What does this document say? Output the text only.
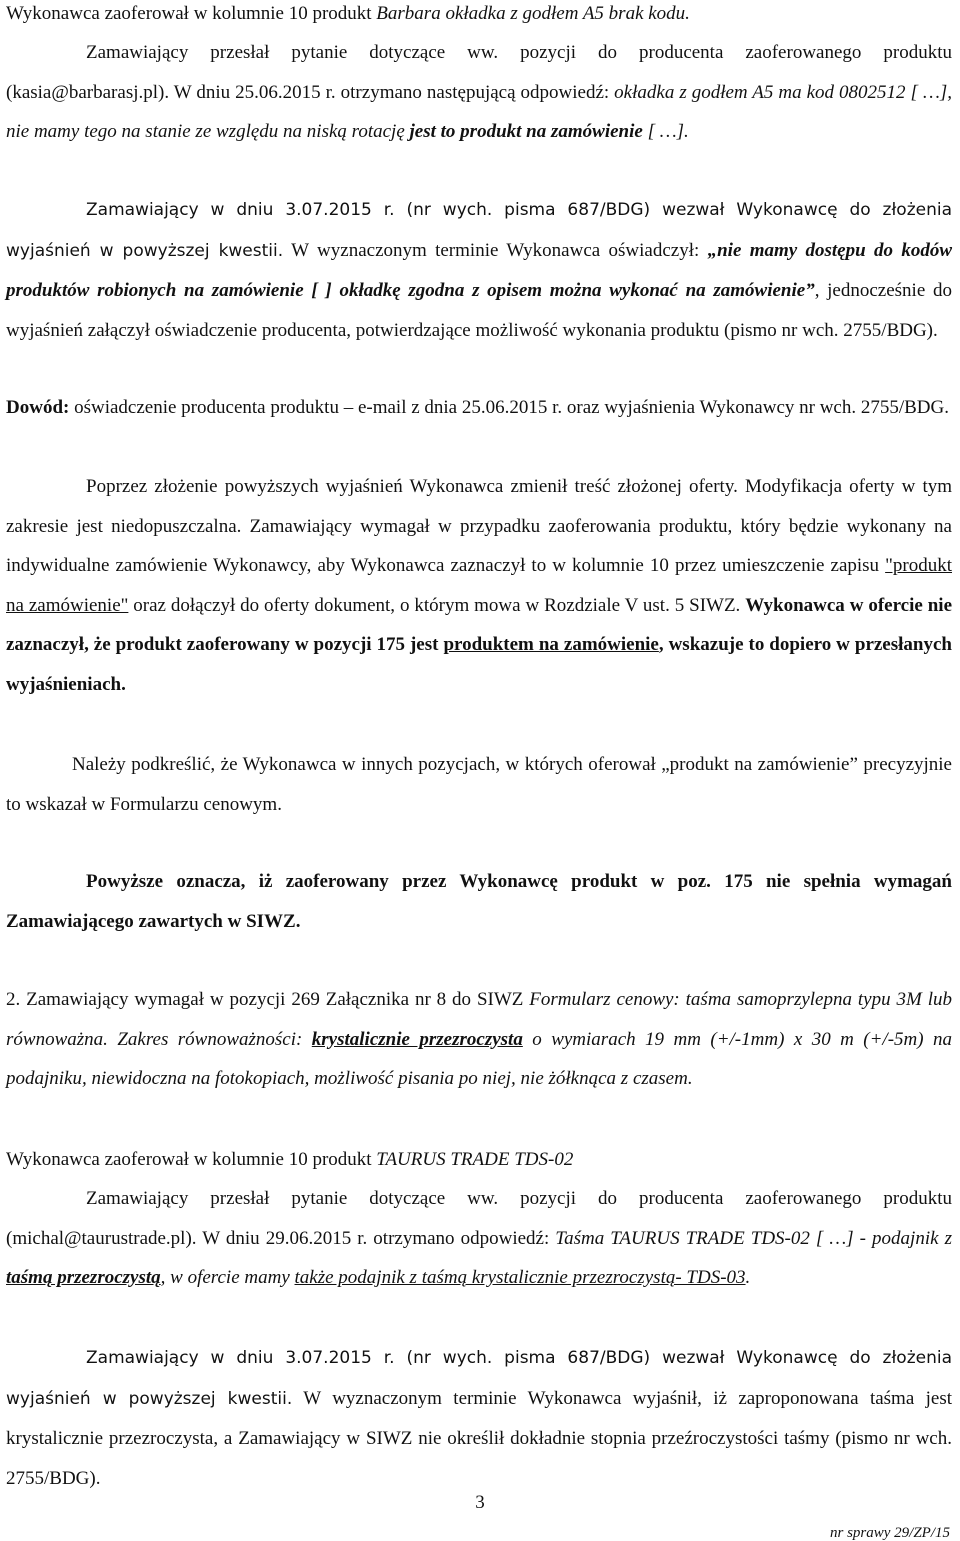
Wykonawca zaoferował w kolumnie 10 produkt Barbara okładka z godłem A5 brak kodu.

Zamawiający przesłał pytanie dotyczące ww. pozycji do producenta zaoferowanego produktu (kasia@barbarasj.pl). W dniu 25.06.2015 r. otrzymano następującą odpowiedź: okładka z godłem A5 ma kod 0802512 [ …], nie mamy tego na stanie ze względu na niską rotację jest to produkt na zamówienie [ …].

Zamawiający w dniu 3.07.2015 r. (nr wych. pisma 687/BDG) wezwał Wykonawcę do złożenia wyjaśnień w powyższej kwestii. W wyznaczonym terminie Wykonawca oświadczył: „nie mamy dostępu do kodów produktów robionych na zamówienie [ ] okładkę zgodna z opisem można wykonać na zamówienie”, jednocześnie do wyjaśnień załączył oświadczenie producenta, potwierdzające możliwość wykonania produktu (pismo nr wch. 2755/BDG).

Dowód: oświadczenie producenta produktu – e-mail z dnia 25.06.2015 r. oraz wyjaśnienia Wykonawcy nr wch. 2755/BDG.

Poprzez złożenie powyższych wyjaśnień Wykonawca zmienił treść złożonej oferty. Modyfikacja oferty w tym zakresie jest niedopuszczalna. Zamawiający wymagał w przypadku zaoferowania produktu, który będzie wykonany na indywidualne zamówienie Wykonawcy, aby Wykonawca zaznaczył to w kolumnie 10 przez umieszczenie zapisu "produkt na zamówienie" oraz dołączył do oferty dokument, o którym mowa w Rozdziale V ust. 5 SIWZ. Wykonawca w ofercie nie zaznaczył, że produkt zaoferowany w pozycji 175 jest produktem na zamówienie, wskazuje to dopiero w przesłanych wyjaśnieniach.

Należy podkreślić, że Wykonawca w innych pozycjach, w których oferował „produkt na zamówienie” precyzyjnie to wskazał w Formularzu cenowym.

Powyższe oznacza, iż zaoferowany przez Wykonawcę produkt w poz. 175 nie spełnia wymagań Zamawiającego zawartych w SIWZ.

2. Zamawiający wymagał w pozycji 269 Załącznika nr 8 do SIWZ Formularz cenowy: taśma samoprzylepna typu 3M lub równoważna. Zakres równoważności: krystalicznie przezroczysta o wymiarach 19 mm (+/-1mm) x 30 m (+/-5m) na podajniku, niewidoczna na fotokopiach, możliwość pisania po niej, nie żółknąca z czasem.

Wykonawca zaoferował w kolumnie 10 produkt TAURUS TRADE TDS-02

Zamawiający przesłał pytanie dotyczące ww. pozycji do producenta zaoferowanego produktu (michal@taurustrade.pl). W dniu 29.06.2015 r. otrzymano odpowiedź: Taśma TAURUS TRADE TDS-02 [ …] - podajnik z taśmą przezroczystą, w ofercie mamy także podajnik z taśmą krystalicznie przezroczystą- TDS-03.

Zamawiający w dniu 3.07.2015 r. (nr wych. pisma 687/BDG) wezwał Wykonawcę do złożenia wyjaśnień w powyższej kwestii. W wyznaczonym terminie Wykonawca wyjaśnił, iż zaproponowana taśma jest krystalicznie przezroczysta, a Zamawiający w SIWZ nie określił dokładnie stopnia przeźroczystości taśmy (pismo nr wch. 2755/BDG).

3
nr sprawy 29/ZP/15
